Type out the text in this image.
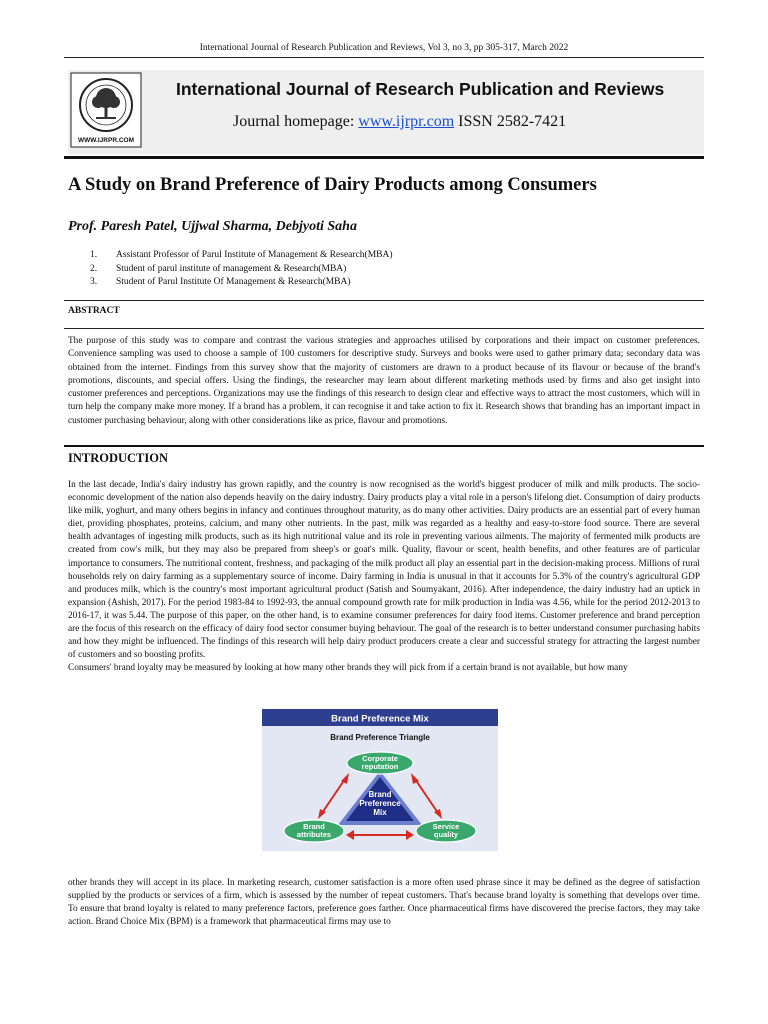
International Journal of Research Publication and Reviews, Vol 3, no 3, pp 305-317, March 2022
WWW.IJRPR.COM
International Journal of Research Publication and Reviews
Journal homepage: www.ijrpr.com ISSN 2582-7421
A Study on Brand Preference of Dairy Products among Consumers
Prof. Paresh Patel, Ujjwal Sharma, Debjyoti Saha
1. Assistant Professor of Parul Institute of Management & Research(MBA)
2. Student of parul institute of management & Research(MBA)
3. Student of Parul Institute Of Management & Research(MBA)
ABSTRACT
The purpose of this study was to compare and contrast the various strategies and approaches utilised by corporations and their impact on customer preferences. Convenience sampling was used to choose a sample of 100 customers for descriptive study. Surveys and books were used to gather primary data; secondary data was obtained from the internet. Findings from this survey show that the majority of customers are drawn to a product because of its flavour or because of the brand's promotions, discounts, and special offers. Using the findings, the researcher may learn about different marketing methods used by firms and also get insight into customer preferences and perceptions. Organizations may use the findings of this research to design clear and effective ways to attract the most customers, which will in turn help the company make more money. If a brand has a problem, it can recognise it and take action to fix it. Research shows that branding has an important impact in customer purchasing behaviour, along with other considerations like as price, flavour and promotions.
INTRODUCTION

In the last decade, India's dairy industry has grown rapidly, and the country is now recognised as the world's biggest producer of milk and milk products. The socio-economic development of the nation also depends heavily on the dairy industry. Dairy products play a vital role in a person's lifelong diet. Consumption of dairy products like milk, yoghurt, and many others begins in infancy and continues throughout maturity, as do many other activities. Dairy products are an essential part of every human diet, providing phosphates, proteins, calcium, and many other nutrients. In the past, milk was regarded as a healthy and easy-to-store food source. There are several health advantages of ingesting milk products, such as its high nutritional value and its role in preventing various ailments. The majority of fermented milk products are created from cow's milk, but they may also be prepared from sheep's or goat's milk. Quality, flavour or scent, health benefits, and other features are of particular importance to consumers. The nutritional content, freshness, and packaging of the milk product all play an essential part in the decision-making process. Millions of rural households rely on dairy farming as a supplementary source of income. Dairy farming in India is unusual in that it accounts for 5.3% of the country's agricultural GDP and produces milk, which is the country's most important agricultural product (Satish and Soumyakant, 2016). After independence, the dairy industry had an uptick in expansion (Ashish, 2017). For the period 1983-84 to 1992-93, the annual compound growth rate for milk production in India was 4.56, while for the period 2012-2013 to 2016-17, it was 5.44. The purpose of this paper, on the other hand, is to examine consumer preferences for dairy food items. Customer preference and brand perception are the focus of this research on the efficacy of dairy food sector consumer buying behaviour. The goal of the research is to better understand consumer purchasing habits and how they might be influenced. The findings of this research will help dairy product producers create a clear and successful strategy for attracting the largest number of customers and so boosting profits.

Consumers' brand loyalty may be measured by looking at how many other brands they will pick from if a certain brand is not available, but how many

Brand Preference Mix
Brand Preference Triangle
Brand
Preference
Mix
Corporate
reputation
Brand
attributes
Service
quality

other brands they will accept in its place. In marketing research, customer satisfaction is a more often used phrase since it may be defined as the degree of satisfaction supplied by the products or services of a firm, which is assessed by the number of repeat customers. That's because brand loyalty is something that develops over time. To ensure that brand loyalty is related to many preference factors, preference goes farther. Once pharmaceutical firms have discovered the precise factors, they may take action. Brand Choice Mix (BPM) is a framework that pharmaceutical firms may use to
